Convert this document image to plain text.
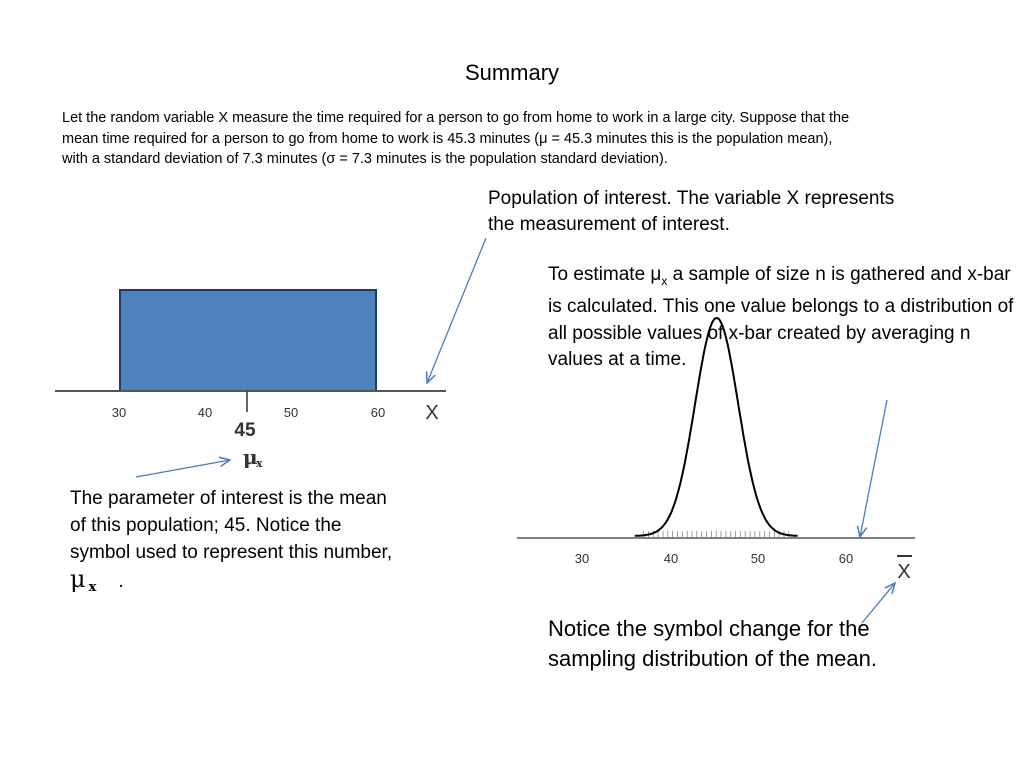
Summary
Let the random variable X measure the time required for a person to go from home to work in a large city. Suppose that the mean time required for a person to go from home to work is 45.3 minutes (μ = 45.3 minutes this is the population mean), with a standard deviation of 7.3 minutes (σ = 7.3 minutes is the population standard deviation).
Population of interest. The variable X represents the measurement of interest.
To estimate $\mu_x$ a sample of size n is gathered and x-bar is calculated. This one value belongs to a distribution of all possible values of x-bar created by averaging n values at a time.
The parameter of interest is the mean of this population; 45. Notice the symbol used to represent this number, μ $_x$ .
Notice the symbol change for the sampling distribution of the mean.
30	40	50	60 X
45
μ
x
30	40	50	60
X
